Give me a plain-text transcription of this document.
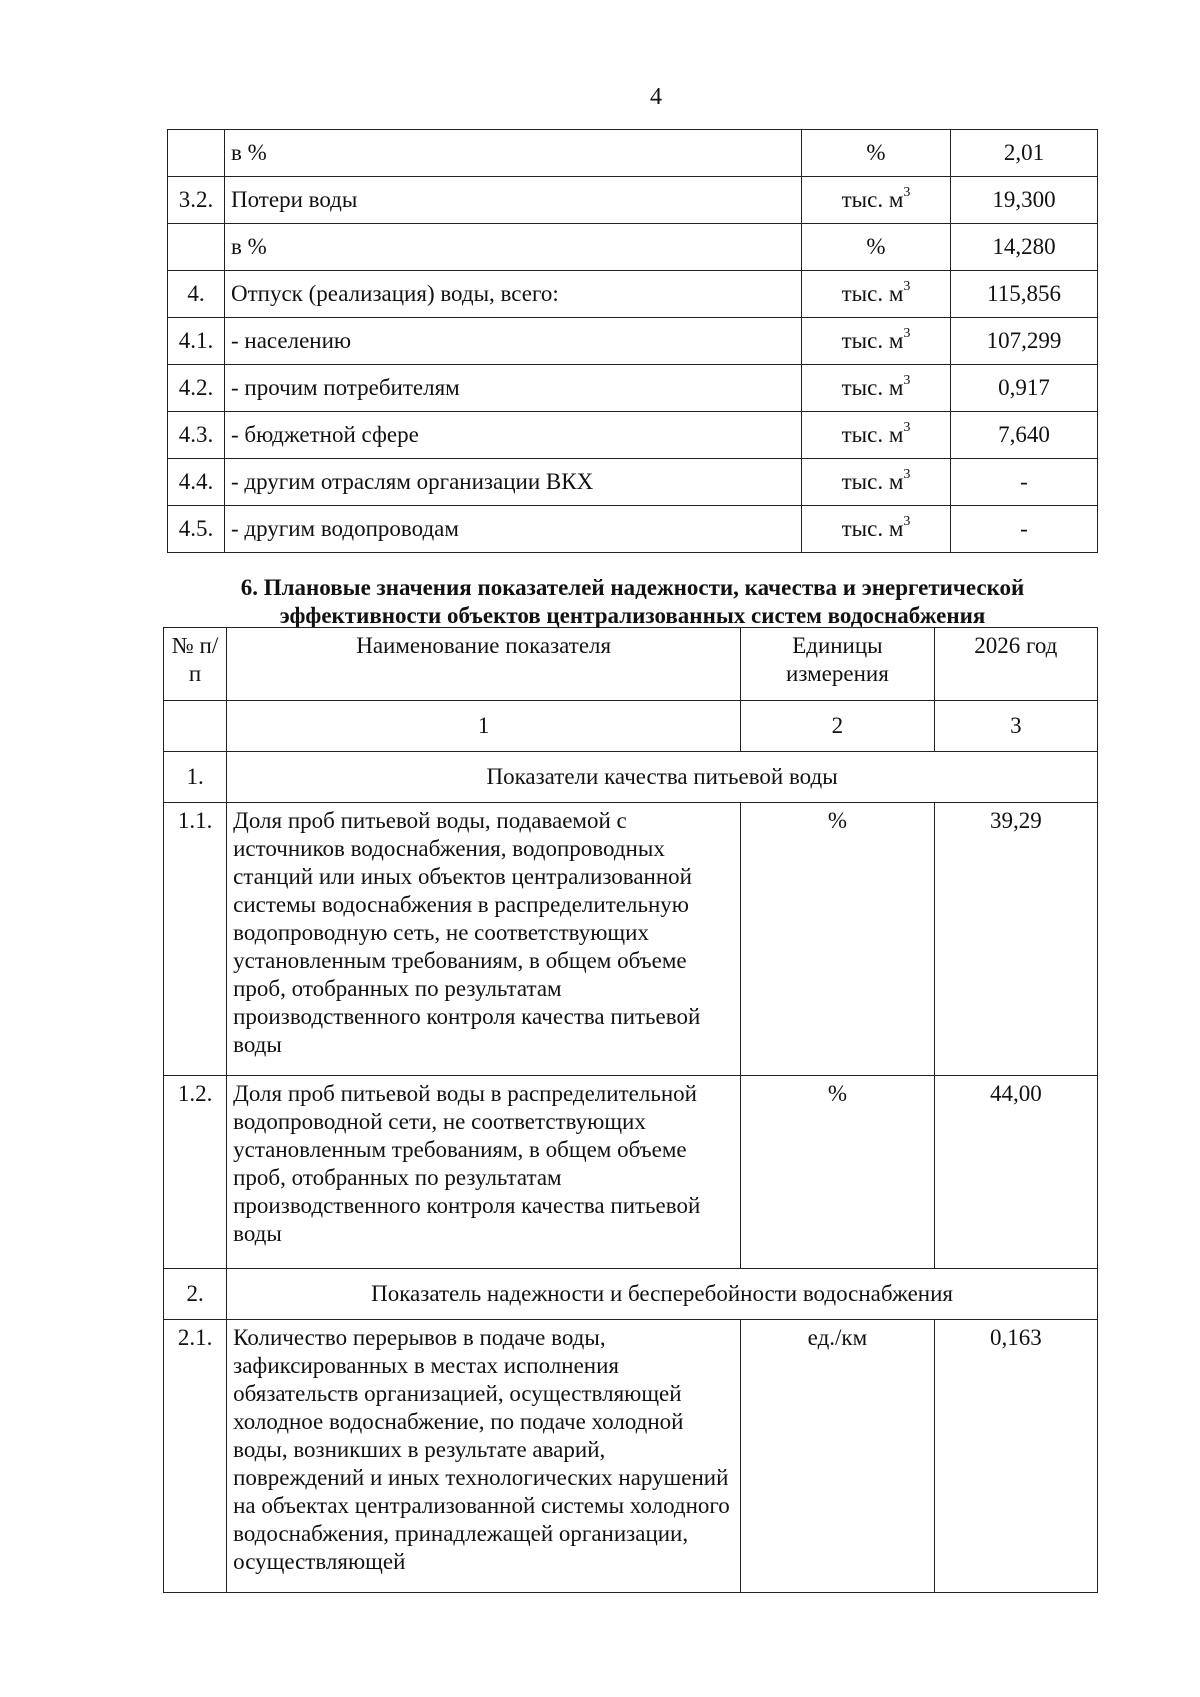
4
	в %	%	2,01
3.2.	Потери воды	тыс. $м^3$	19,300
	в %	%	14,280
4.	Отпуск (реализация) воды, всего:	тыс. $м^3$	115,856
4.1.	- населению	тыс. $м^3$	107,299
4.2.	- прочим потребителям	тыс. $м^3$	0,917
4.3.	- бюджетной сфере	тыс. $м^3$	7,640
4.4.	- другим отраслям организации ВКХ	тыс. $м^3$	-
4.5.	- другим водопроводам	тыс. $м^3$	-
6. Плановые значения показателей надежности, качества и энергетической
эффективности объектов централизованных систем водоснабжения
№ п/п	Наименование показателя	Единицы измерения	2026 год
	1	2	3
1.	Показатели качества питьевой воды		
1.1.	Доля проб питьевой воды, подаваемой с источников водоснабжения, водопроводных станций или иных объектов централизованной системы водоснабжения в распределительную водопроводную сеть, не соответствующих установленным требованиям, в общем объеме проб, отобранных по результатам производственного контроля качества питьевой воды	%	39,29
1.2.	Доля проб питьевой воды в распределительной водопроводной сети, не соответствующих установленным требованиям, в общем объеме проб, отобранных по результатам производственного контроля качества питьевой воды	%	44,00
2.	Показатель надежности и бесперебойности водоснабжения		
2.1.	Количество перерывов в подаче воды, зафиксированных в местах исполнения обязательств организацией, осуществляющей холодное водоснабжение, по подаче холодной воды, возникших в результате аварий, повреждений и иных технологических нарушений на объектах централизованной системы холодного водоснабжения, принадлежащей организации, осуществляющей	ед./км	0,163
